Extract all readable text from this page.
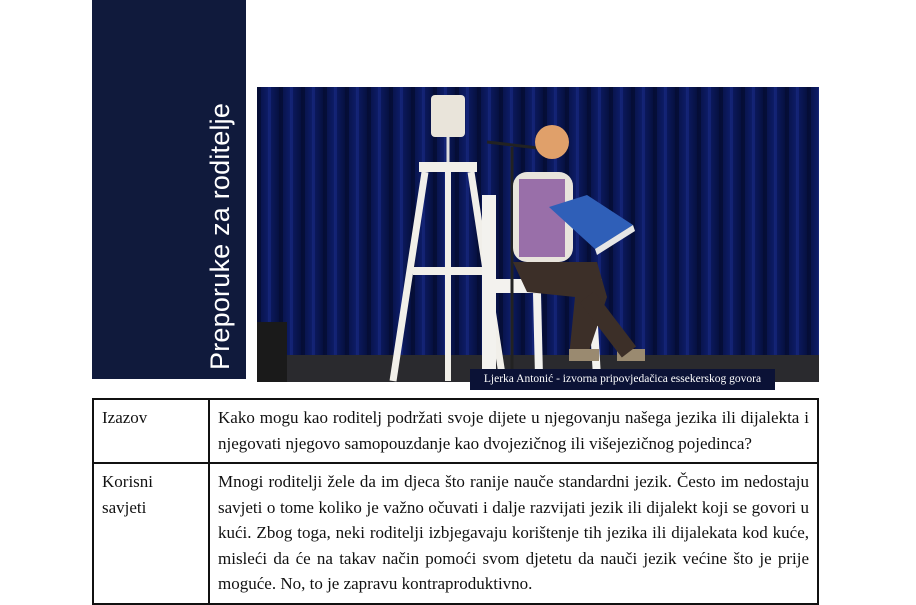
Preporuke za roditelje
Ljerka Antonić - izvorna pripovjedačica essekerskog govora
Izazov	Kako mogu kao roditelj podržati svoje dijete u njegovanju našega jezika ili dijalekta i njegovati njegovo samopouzdanje kao dvojezičnog ili višejezičnog pojedinca?
Korisni savjeti	Mnogi roditelji žele da im djeca što ranije nauče standardni jezik. Često im nedostaju savjeti o tome koliko je važno očuvati i dalje razvijati jezik ili dijalekt koji se govori u kući. Zbog toga, neki roditelji izbjegavaju korištenje tih jezika ili dijalekata kod kuće, misleći da će na takav način pomoći svom djetetu da nauči jezik većine što je prije moguće. No, to je zapravu kontraproduktivno.
